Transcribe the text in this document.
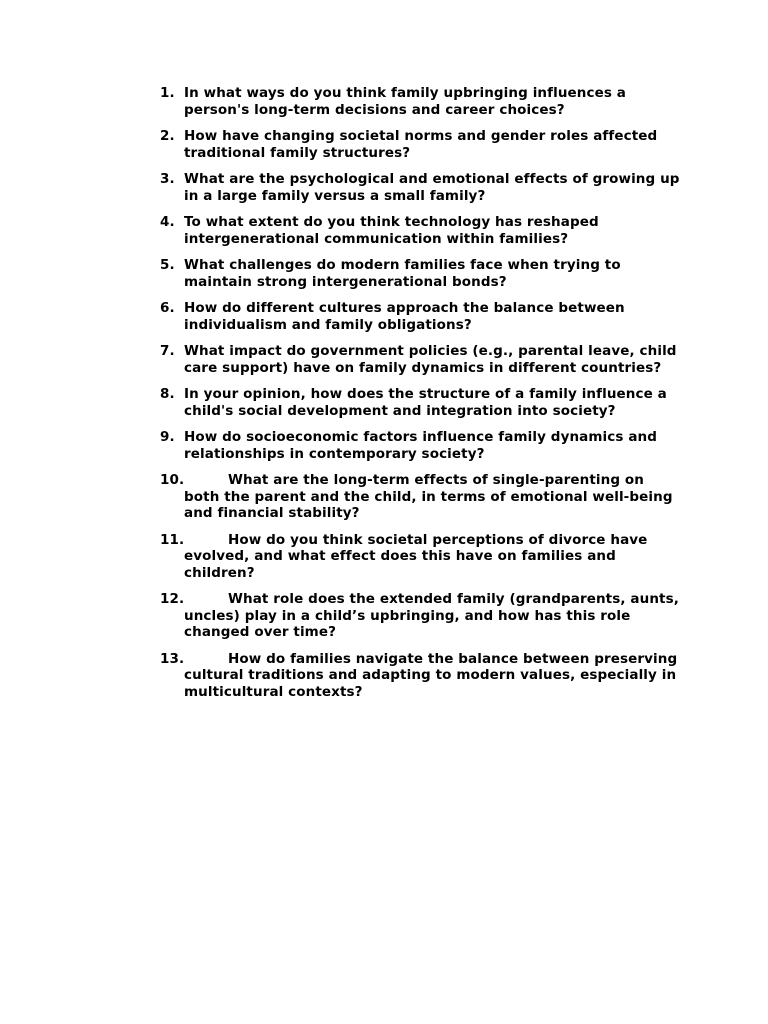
1. In what ways do you think family upbringing influences a person's long-term decisions and career choices?
2. How have changing societal norms and gender roles affected traditional family structures?
3. What are the psychological and emotional effects of growing up in a large family versus a small family?
4. To what extent do you think technology has reshaped intergenerational communication within families?
5. What challenges do modern families face when trying to maintain strong intergenerational bonds?
6. How do different cultures approach the balance between individualism and family obligations?
7. What impact do government policies (e.g., parental leave, child care support) have on family dynamics in different countries?
8. In your opinion, how does the structure of a family influence a child's social development and integration into society?
9. How do socioeconomic factors influence family dynamics and relationships in contemporary society?
10.	What are the long-term effects of single-parenting on both the parent and the child, in terms of emotional well-being and financial stability?
11.	How do you think societal perceptions of divorce have evolved, and what effect does this have on families and children?
12.	What role does the extended family (grandparents, aunts, uncles) play in a child’s upbringing, and how has this role changed over time?
13.	How do families navigate the balance between preserving cultural traditions and adapting to modern values, especially in multicultural contexts?
